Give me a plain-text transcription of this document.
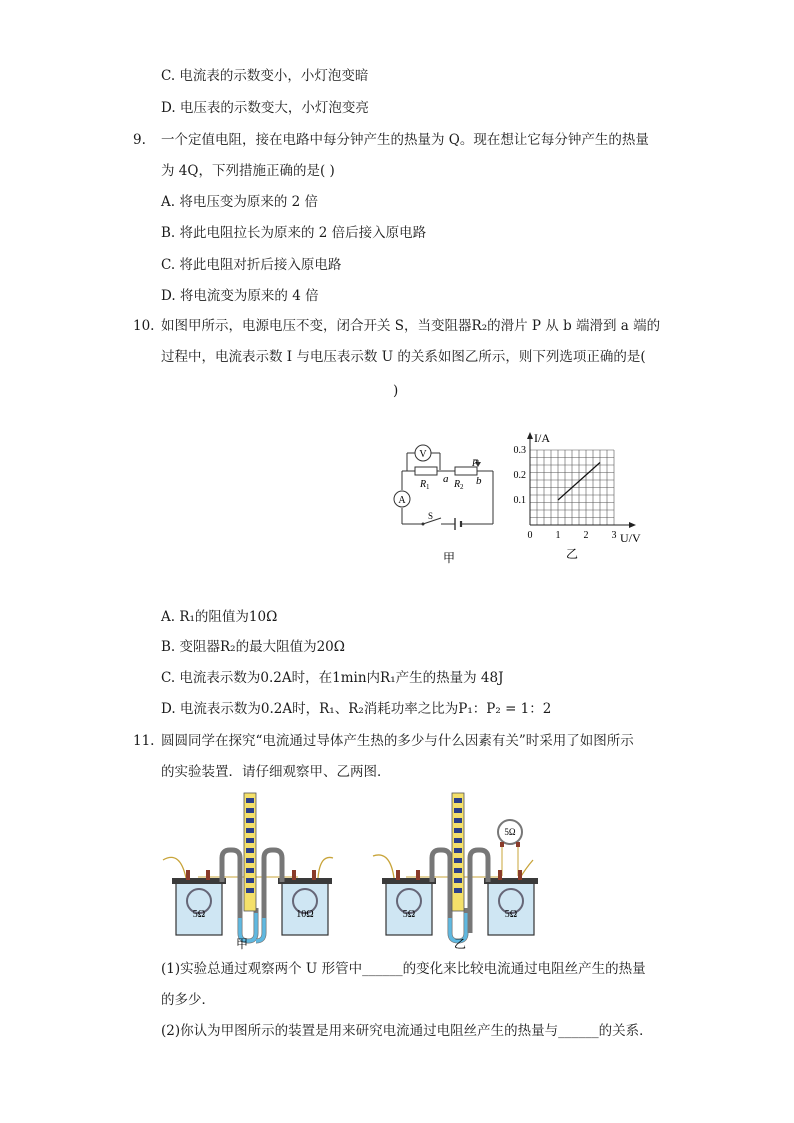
C. 电流表的示数变小，小灯泡变暗
D. 电压表的示数变大，小灯泡变亮
9. 一个定值电阻，接在电路中每分钟产生的热量为 Q。现在想让它每分钟产生的热量
为 4Q，下列措施正确的是( )
A. 将电压变为原来的 2 倍
B. 将此电阻拉长为原来的 2 倍后接入原电路
C. 将此电阻对折后接入原电路
D. 将电流变为原来的 4 倍
10. 如图甲所示，电源电压不变，闭合开关 S，当变阻器R₂的滑片 P 从 b 端滑到 a 端的
过程中，电流表示数 I 与电压表示数 U 的关系如图乙所示，则下列选项正确的是(
)
V
A
R 1 R 2
a	b
P
S
甲
0 1 2 3
0.1
0.2
0.3
I/A
U/V
乙
A. R₁的阻值为10Ω
B. 变阻器R₂的最大阻值为20Ω
C. 电流表示数为0.2A时，在1min内R₁产生的热量为 48J
D. 电流表示数为0.2A时，R₁、R₂消耗功率之比为P₁：P₂ = 1：2
11. 圆圆同学在探究“电流通过导体产生热的多少与什么因素有关”时采用了如图所示
的实验装置．请仔细观察甲、乙两图．
5Ω	10Ω
甲
5Ω	5Ω
5Ω
乙
(1)实验总通过观察两个 U 形管中______的变化来比较电流通过电阻丝产生的热量
的多少．
(2)你认为甲图所示的装置是用来研究电流通过电阻丝产生的热量与______的关系．
